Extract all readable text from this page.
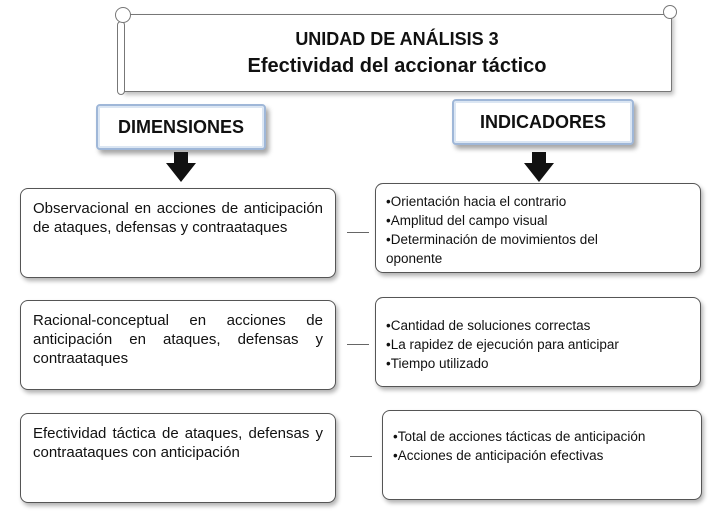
UNIDAD DE ANÁLISIS 3
Efectividad del accionar táctico
DIMENSIONES	INDICADORES
Observacional en acciones de anticipación de ataques, defensas y contraataques
Racional-conceptual en acciones de anticipación en ataques, defensas y contraataques
Efectividad táctica de ataques, defensas y contraataques con anticipación
•Orientación hacia el contrario
•Amplitud del campo visual
•Determinación de movimientos del oponente
•Cantidad de soluciones correctas
•La rapidez de ejecución para anticipar
•Tiempo utilizado
•Total de acciones tácticas de anticipación
•Acciones de anticipación efectivas
